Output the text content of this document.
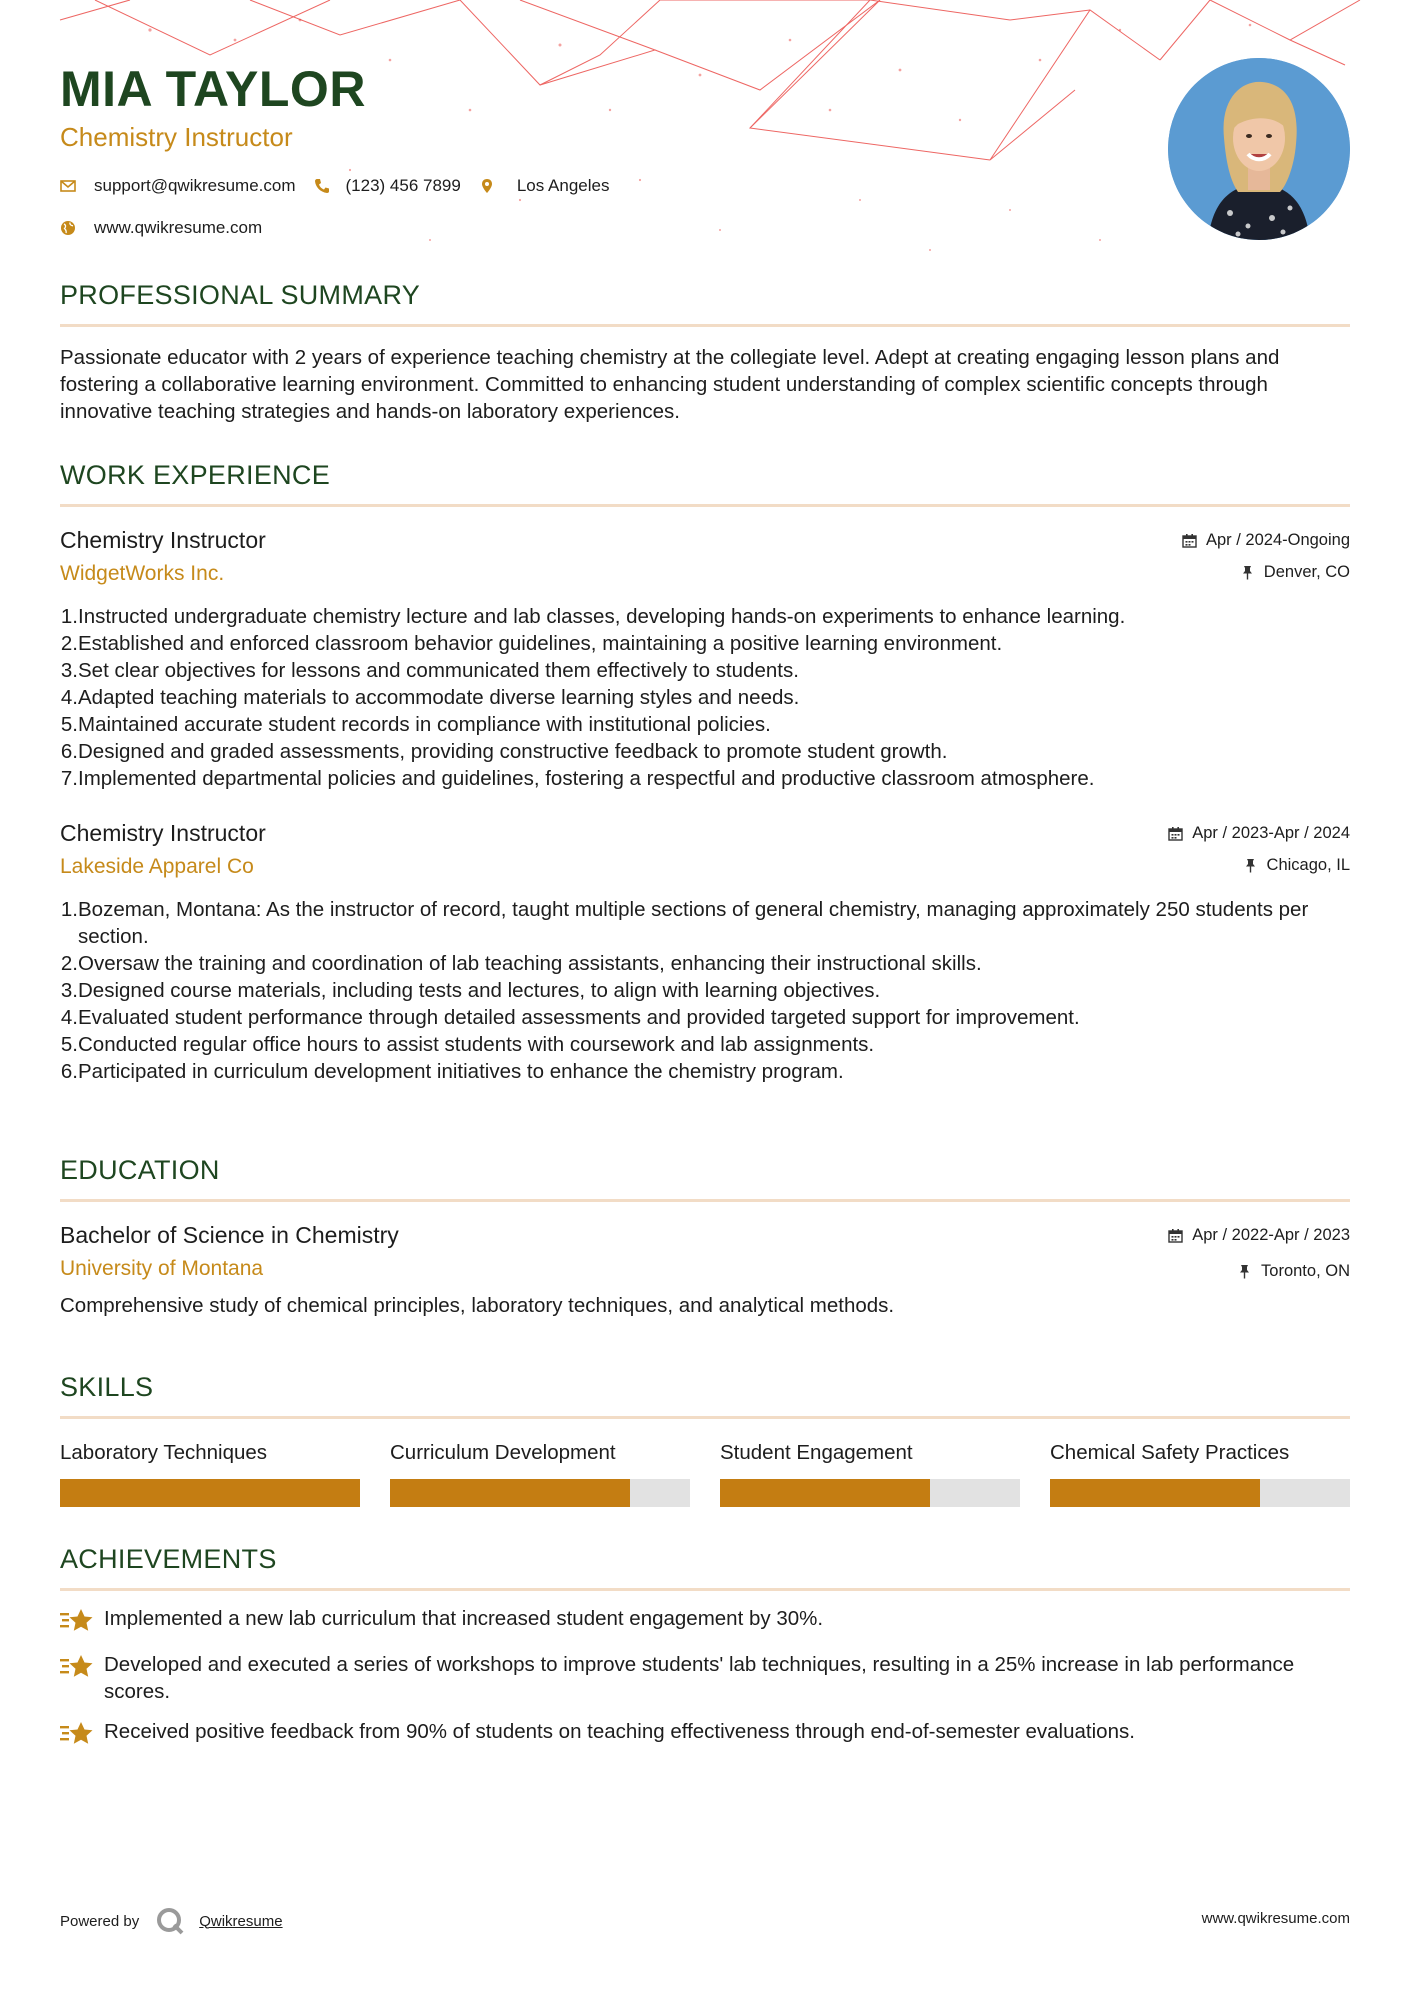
MIA TAYLOR
Chemistry Instructor
support@qwikresume.com	(123) 456 7899	Los Angeles
www.qwikresume.com
PROFESSIONAL SUMMARY

Passionate educator with 2 years of experience teaching chemistry at the collegiate level. Adept at creating engaging lesson plans and fostering a collaborative learning environment. Committed to enhancing student understanding of complex scientific concepts through innovative teaching strategies and hands-on laboratory experiences.

WORK EXPERIENCE
Chemistry Instructor
WidgetWorks Inc.
Apr / 2024-Ongoing
Denver, CO
1. Instructed undergraduate chemistry lecture and lab classes, developing hands-on experiments to enhance learning.
2. Established and enforced classroom behavior guidelines, maintaining a positive learning environment.
3. Set clear objectives for lessons and communicated them effectively to students.
4. Adapted teaching materials to accommodate diverse learning styles and needs.
5. Maintained accurate student records in compliance with institutional policies.
6. Designed and graded assessments, providing constructive feedback to promote student growth.
7. Implemented departmental policies and guidelines, fostering a respectful and productive classroom atmosphere.
Chemistry Instructor
Lakeside Apparel Co
Apr / 2023-Apr / 2024
Chicago, IL
1. Bozeman, Montana: As the instructor of record, taught multiple sections of general chemistry, managing approximately 250 students per section.
2. Oversaw the training and coordination of lab teaching assistants, enhancing their instructional skills.
3. Designed course materials, including tests and lectures, to align with learning objectives.
4. Evaluated student performance through detailed assessments and provided targeted support for improvement.
5. Conducted regular office hours to assist students with coursework and lab assignments.
6. Participated in curriculum development initiatives to enhance the chemistry program.
EDUCATION
Bachelor of Science in Chemistry
University of Montana
Apr / 2022-Apr / 2023
Toronto, ON

Comprehensive study of chemical principles, laboratory techniques, and analytical methods.

SKILLS
Laboratory Techniques	Curriculum Development	Student Engagement	Chemical Safety Practices
ACHIEVEMENTS
Implemented a new lab curriculum that increased student engagement by 30%.
Developed and executed a series of workshops to improve students' lab techniques, resulting in a 25% increase in lab performance scores.
Received positive feedback from 90% of students on teaching effectiveness through end-of-semester evaluations.
Powered by	Qwikresume	www.qwikresume.com
